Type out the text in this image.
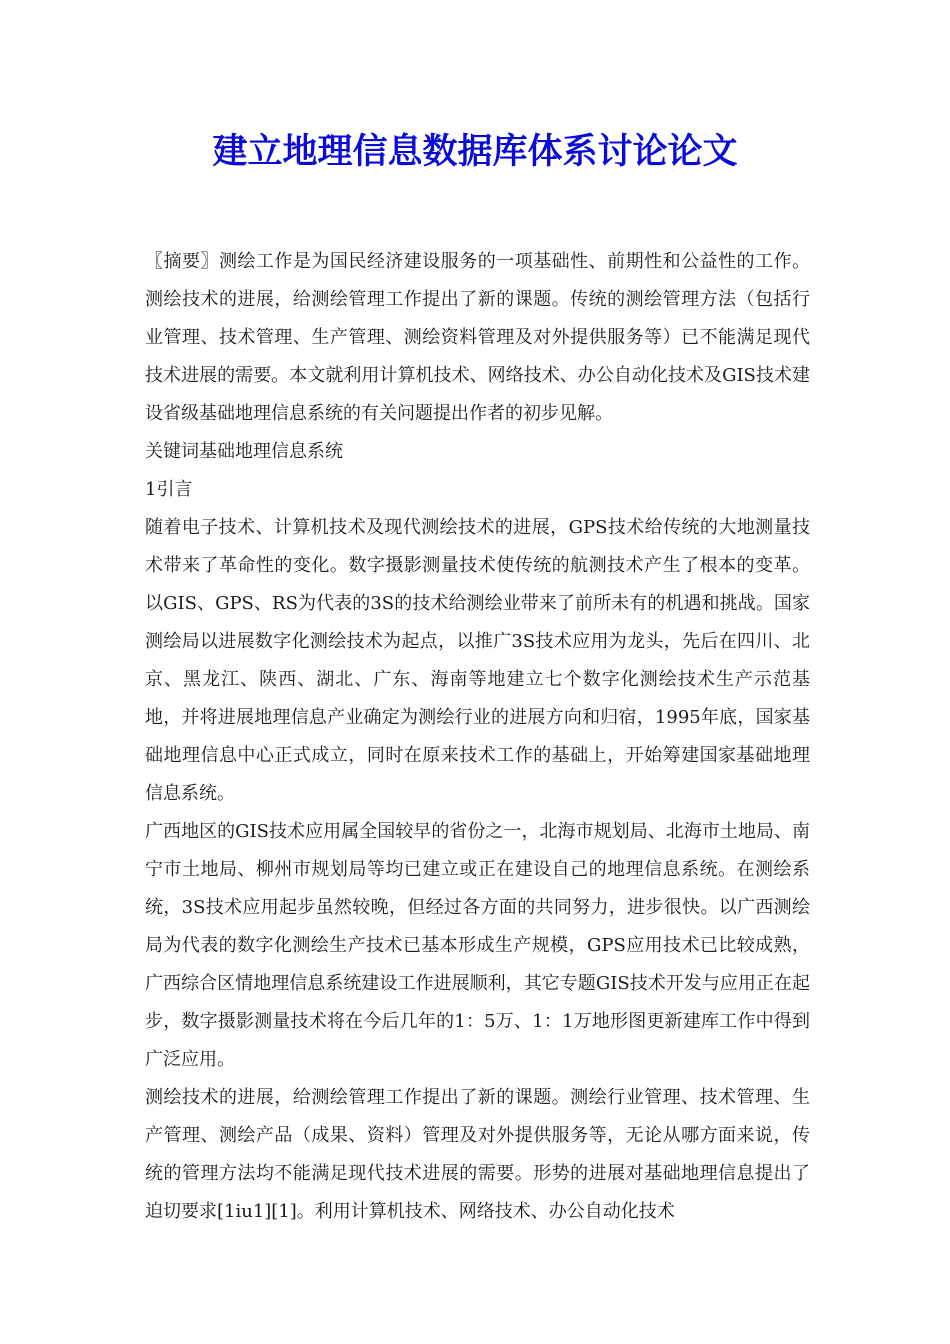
建立地理信息数据库体系讨论论文

〖摘要〗测绘工作是为国民经济建设服务的一项基础性、前期性和公益性的工作。测绘技术的进展，给测绘管理工作提出了新的课题。传统的测绘管理方法（包括行业管理、技术管理、生产管理、测绘资料管理及对外提供服务等）已不能满足现代技术进展的需要。本文就利用计算机技术、网络技术、办公自动化技术及GIS技术建设省级基础地理信息系统的有关问题提出作者的初步见解。

关键词基础地理信息系统

1引言

随着电子技术、计算机技术及现代测绘技术的进展，GPS技术给传统的大地测量技术带来了革命性的变化。数字摄影测量技术使传统的航测技术产生了根本的变革。以GIS、GPS、RS为代表的3S的技术给测绘业带来了前所未有的机遇和挑战。国家测绘局以进展数字化测绘技术为起点，以推广3S技术应用为龙头，先后在四川、北京、黑龙江、陕西、湖北、广东、海南等地建立七个数字化测绘技术生产示范基地，并将进展地理信息产业确定为测绘行业的进展方向和归宿，1995年底，国家基础地理信息中心正式成立，同时在原来技术工作的基础上，开始筹建国家基础地理信息系统。

广西地区的GIS技术应用属全国较早的省份之一，北海市规划局、北海市土地局、南宁市土地局、柳州市规划局等均已建立或正在建设自己的地理信息系统。在测绘系统，3S技术应用起步虽然较晚，但经过各方面的共同努力，进步很快。以广西测绘局为代表的数字化测绘生产技术已基本形成生产规模，GPS应用技术已比较成熟，广西综合区情地理信息系统建设工作进展顺利，其它专题GIS技术开发与应用正在起步，数字摄影测量技术将在今后几年的1：5万、1：1万地形图更新建库工作中得到广泛应用。

测绘技术的进展，给测绘管理工作提出了新的课题。测绘行业管理、技术管理、生产管理、测绘产品（成果、资料）管理及对外提供服务等，无论从哪方面来说，传统的管理方法均不能满足现代技术进展的需要。形势的进展对基础地理信息提出了迫切要求[1iu1][1]。利用计算机技术、网络技术、办公自动化技术
